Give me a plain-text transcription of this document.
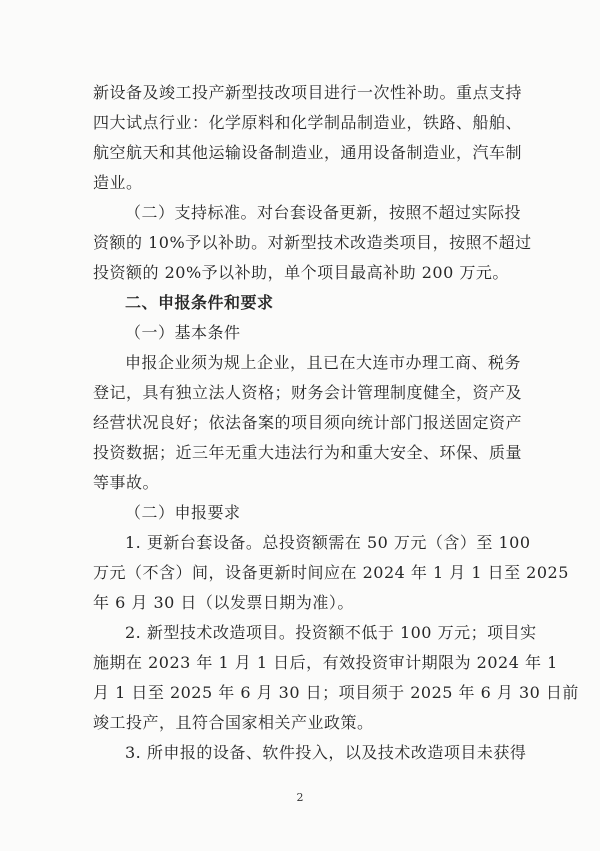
新设备及竣工投产新型技改项目进行一次性补助。重点支持
四大试点行业：化学原料和化学制品制造业，铁路、船舶、
航空航天和其他运输设备制造业，通用设备制造业，汽车制
造业。
（二）支持标准。对台套设备更新，按照不超过实际投
资额的 10%予以补助。对新型技术改造类项目，按照不超过
投资额的 20%予以补助，单个项目最高补助 200 万元。
二、申报条件和要求
（一）基本条件
申报企业须为规上企业，且已在大连市办理工商、税务
登记，具有独立法人资格；财务会计管理制度健全，资产及
经营状况良好；依法备案的项目须向统计部门报送固定资产
投资数据；近三年无重大违法行为和重大安全、环保、质量
等事故。
（二）申报要求
1. 更新台套设备。总投资额需在 50 万元（含）至 100
万元（不含）间，设备更新时间应在 2024 年 1 月 1 日至 2025
年 6 月 30 日（以发票日期为准）。
2. 新型技术改造项目。投资额不低于 100 万元；项目实
施期在 2023 年 1 月 1 日后，有效投资审计期限为 2024 年 1
月 1 日至 2025 年 6 月 30 日；项目须于 2025 年 6 月 30 日前
竣工投产，且符合国家相关产业政策。
3. 所申报的设备、软件投入，以及技术改造项目未获得
2
